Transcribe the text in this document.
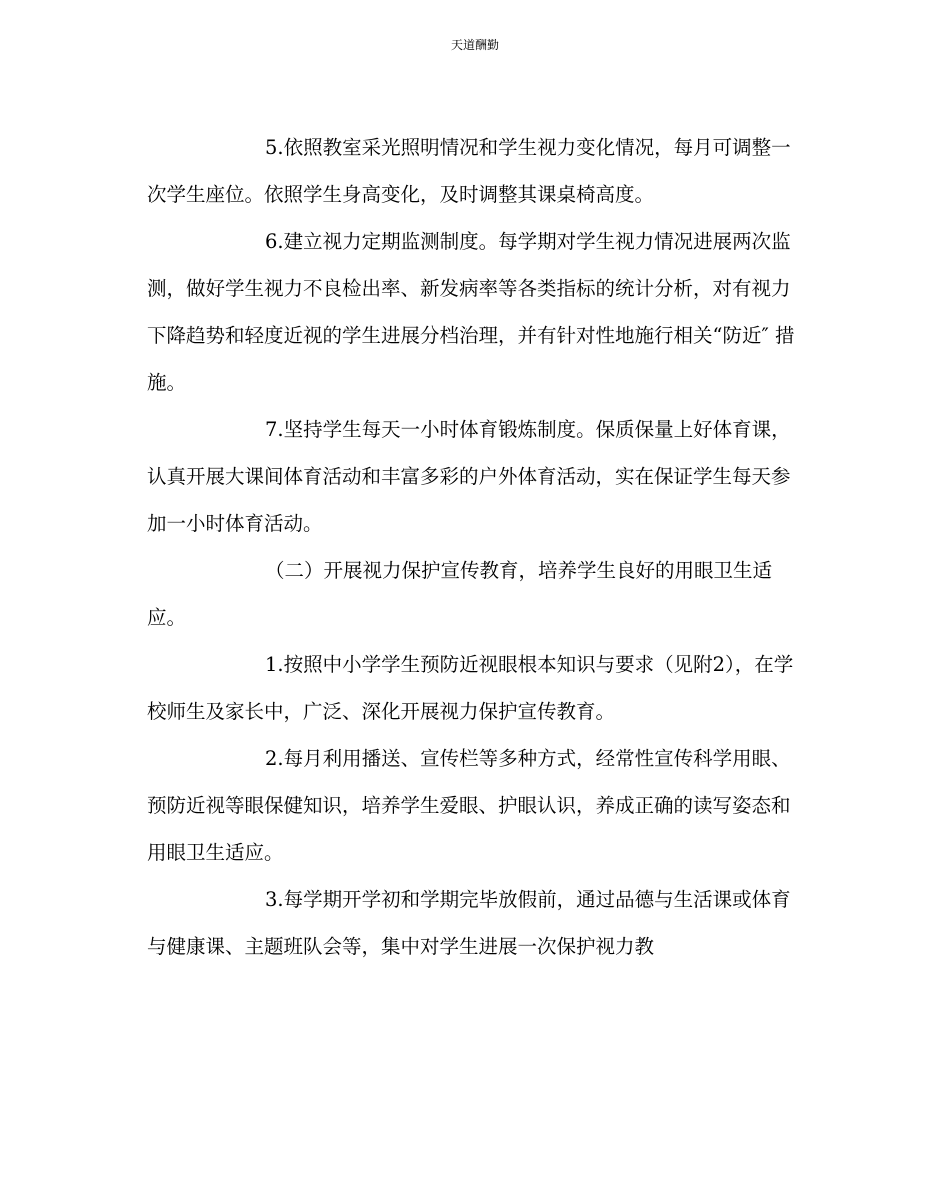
天道酬勤

5.依照教室采光照明情况和学生视力变化情况，每月可调整一次学生座位。依照学生身高变化，及时调整其课桌椅高度。

6.建立视力定期监测制度。每学期对学生视力情况进展两次监测，做好学生视力不良检出率、新发病率等各类指标的统计分析，对有视力下降趋势和轻度近视的学生进展分档治理，并有针对性地施行相关“防近″ 措施。

7.坚持学生每天一小时体育锻炼制度。保质保量上好体育课，认真开展大课间体育活动和丰富多彩的户外体育活动，实在保证学生每天参加一小时体育活动。

（二）开展视力保护宣传教育，培养学生良好的用眼卫生适应。

1.按照中小学学生预防近视眼根本知识与要求（见附2），在学校师生及家长中，广泛、深化开展视力保护宣传教育。

2.每月利用播送、宣传栏等多种方式，经常性宣传科学用眼、预防近视等眼保健知识，培养学生爱眼、护眼认识，养成正确的读写姿态和用眼卫生适应。

3.每学期开学初和学期完毕放假前，通过品德与生活课或体育与健康课、主题班队会等，集中对学生进展一次保护视力教
